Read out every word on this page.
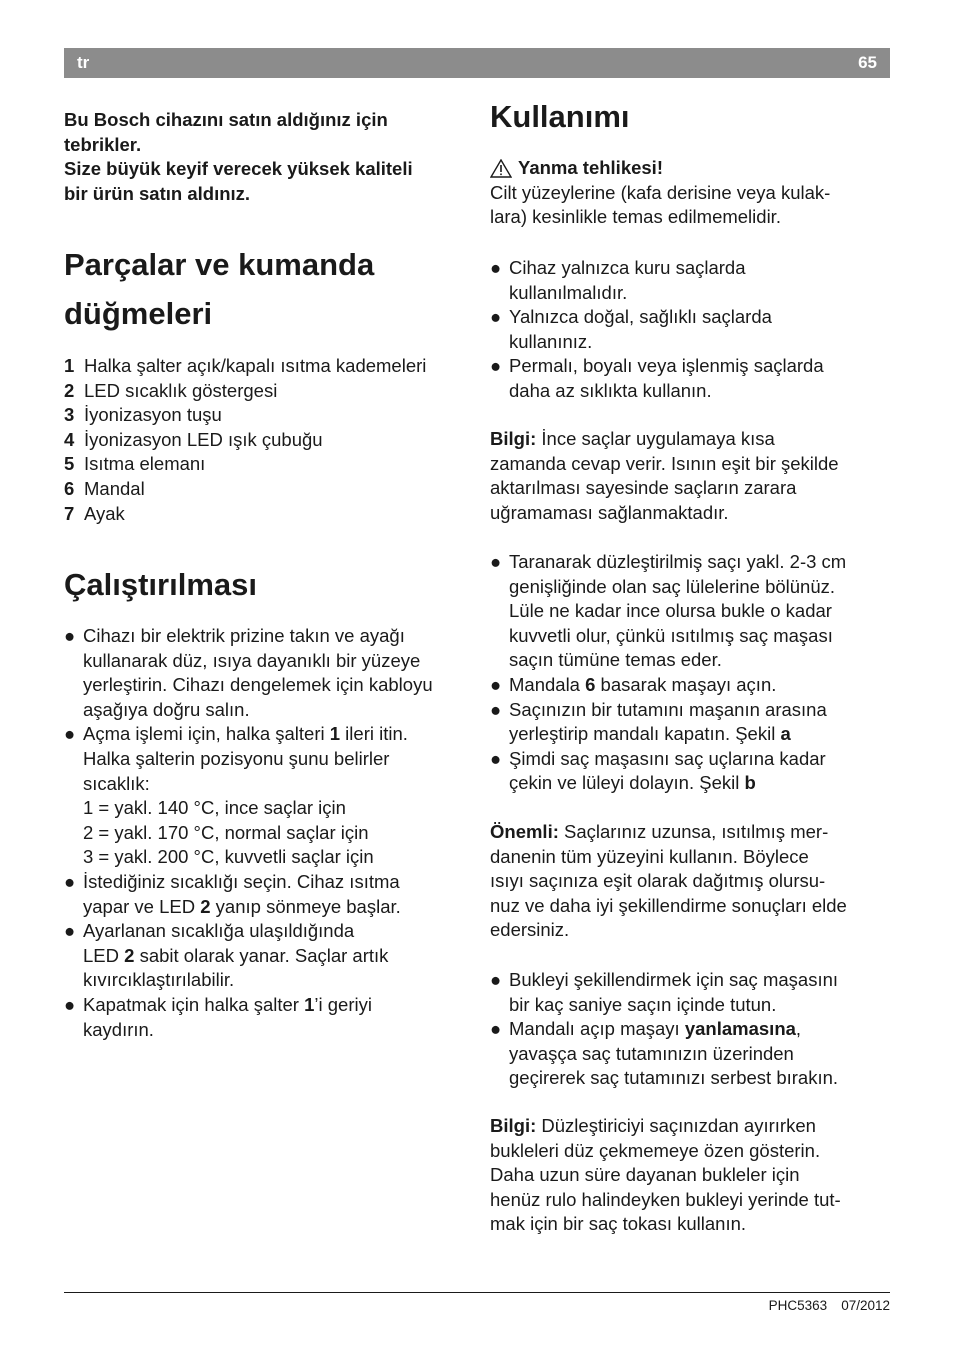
tr	65
Bu Bosch cihazını satın aldığınız için
tebrikler.
Size büyük keyif verecek yüksek kaliteli
bir ürün satın aldınız.
Parçalar ve kumanda
düğmeleri
1 Halka şalter açık/kapalı ısıtma kademeleri
2 LED sıcaklık göstergesi
3 İyonizasyon tuşu
4 İyonizasyon LED ışık çubuğu
5 Isıtma elemanı
6 Mandal
7 Ayak
Çalıştırılması
● Cihazı bir elektrik prizine takın ve ayağı
kullanarak düz, ısıya dayanıklı bir yüzeye
yerleştirin. Cihazı dengelemek için kabloyu
aşağıya doğru salın.
● Açma işlemi için, halka şalteri 1 ileri itin.
Halka şalterin pozisyonu şunu belirler
sıcaklık:
1 = yakl. 140 °C, ince saçlar için
2 = yakl. 170 °C, normal saçlar için
3 = yakl. 200 °C, kuvvetli saçlar için
● İstediğiniz sıcaklığı seçin. Cihaz ısıtma
yapar ve LED 2 yanıp sönmeye başlar.
● Ayarlanan sıcaklığa ulaşıldığında
LED 2 sabit olarak yanar. Saçlar artık
kıvırcıklaştırılabilir.
● Kapatmak için halka şalter 1’i geriyi
kaydırın.
Kullanımı
Yanma tehlikesi!
Cilt yüzeylerine (kafa derisine veya kulak-
lara) kesinlikle temas edilmemelidir.
● Cihaz yalnızca kuru saçlarda
kullanılmalıdır.
● Yalnızca doğal, sağlıklı saçlarda
kullanınız.
● Permalı, boyalı veya işlenmiş saçlarda
daha az sıklıkta kullanın.
Bilgi: İnce saçlar uygulamaya kısa
zamanda cevap verir. Isının eşit bir şekilde
aktarılması sayesinde saçların zarara
uğramaması sağlanmaktadır.
● Taranarak düzleştirilmiş saçı yakl. 2-3 cm
genişliğinde olan saç lülelerine bölünüz.
Lüle ne kadar ince olursa bukle o kadar
kuvvetli olur, çünkü ısıtılmış saç maşası
saçın tümüne temas eder.
● Mandala 6 basarak maşayı açın.
● Saçınızın bir tutamını maşanın arasına
yerleştirip mandalı kapatın. Şekil a
● Şimdi saç maşasını saç uçlarına kadar
çekin ve lüleyi dolayın. Şekil b
Önemli: Saçlarınız uzunsa, ısıtılmış mer-
danenin tüm yüzeyini kullanın. Böylece
ısıyı saçınıza eşit olarak dağıtmış olursu-
nuz ve daha iyi şekillendirme sonuçları elde
edersiniz.
● Bukleyi şekillendirmek için saç maşasını
bir kaç saniye saçın içinde tutun.
● Mandalı açıp maşayı yanlamasına,
yavaşça saç tutamınızın üzerinden
geçirerek saç tutamınızı serbest bırakın.
Bilgi: Düzleştiriciyi saçınızdan ayırırken
bukleleri düz çekmemeye özen gösterin.
Daha uzun süre dayanan bukleler için
henüz rulo halindeyken bukleyi yerinde tut-
mak için bir saç tokası kullanın.
PHC5363 07/2012
